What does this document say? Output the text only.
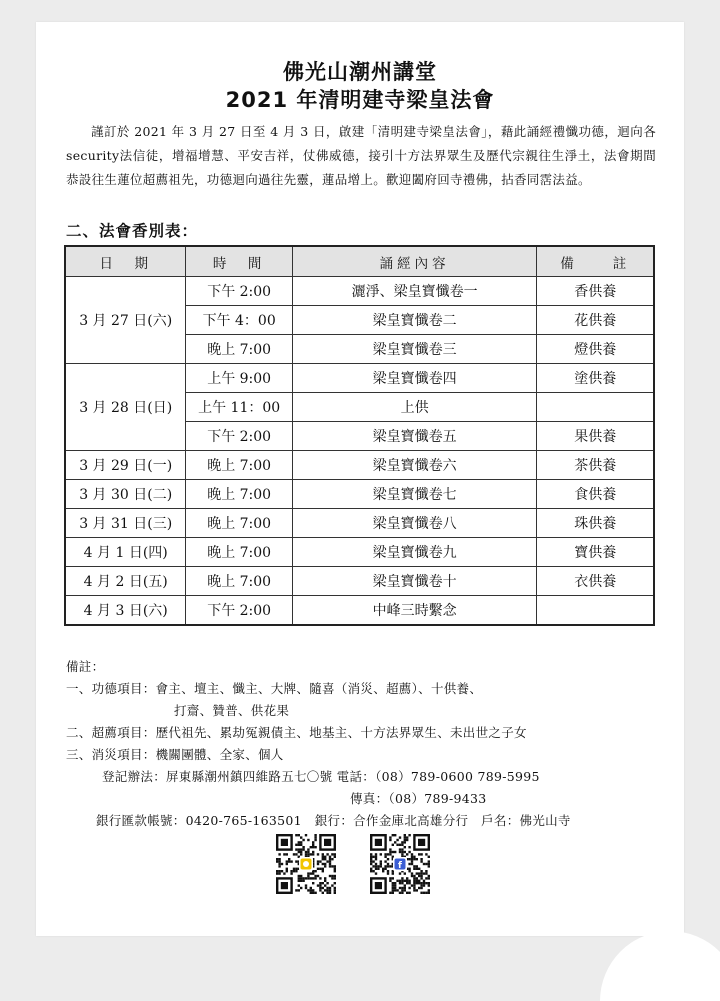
佛光山潮州講堂
2021 年清明建寺梁皇法會
謹訂於 2021 年 3 月 27 日至 4 月 3 日，啟建「清明建寺梁皇法會」，藉此誦經禮懺功德，迴向各security法信徒，增福增慧、平安吉祥，仗佛威德，接引十方法界眾生及歷代宗親往生淨土，法會期間恭設往生蓮位超薦祖先，功德迴向過往先靈，蓮品增上。歡迎闔府回寺禮佛，拈香同霑法益。
二、法會香別表：
日　期	時　間	誦經內容	備　　註
3 月 27 日(六)	下午 2:00	灑淨、梁皇寶懺卷一	香供養
	下午 4：00	梁皇寶懺卷二	花供養
	晚上 7:00	梁皇寶懺卷三	燈供養
3 月 28 日(日)	上午 9:00	梁皇寶懺卷四	塗供養
	上午 11：00	上供	
	下午 2:00	梁皇寶懺卷五	果供養
3 月 29 日(一)	晚上 7:00	梁皇寶懺卷六	茶供養
3 月 30 日(二)	晚上 7:00	梁皇寶懺卷七	食供養
3 月 31 日(三)	晚上 7:00	梁皇寶懺卷八	珠供養
4 月 1 日(四)	晚上 7:00	梁皇寶懺卷九	寶供養
4 月 2 日(五)	晚上 7:00	梁皇寶懺卷十	衣供養
4 月 3 日(六)	下午 2:00	中峰三時繫念	
備註：
一、功德項目：會主、壇主、懺主、大牌、隨喜（消災、超薦）、十供養、
打齋、贊普、供花果
二、超薦項目：歷代祖先、累劫冤親債主、地基主、十方法界眾生、未出世之子女
三、消災項目：機關團體、全家、個人
登記辦法：屏東縣潮州鎮四維路五七〇號 電話：（08）789-0600 789-5995
傳真：（08）789-9433
銀行匯款帳號：0420-765-163501　銀行：合作金庫北高雄分行　戶名：佛光山寺
f
